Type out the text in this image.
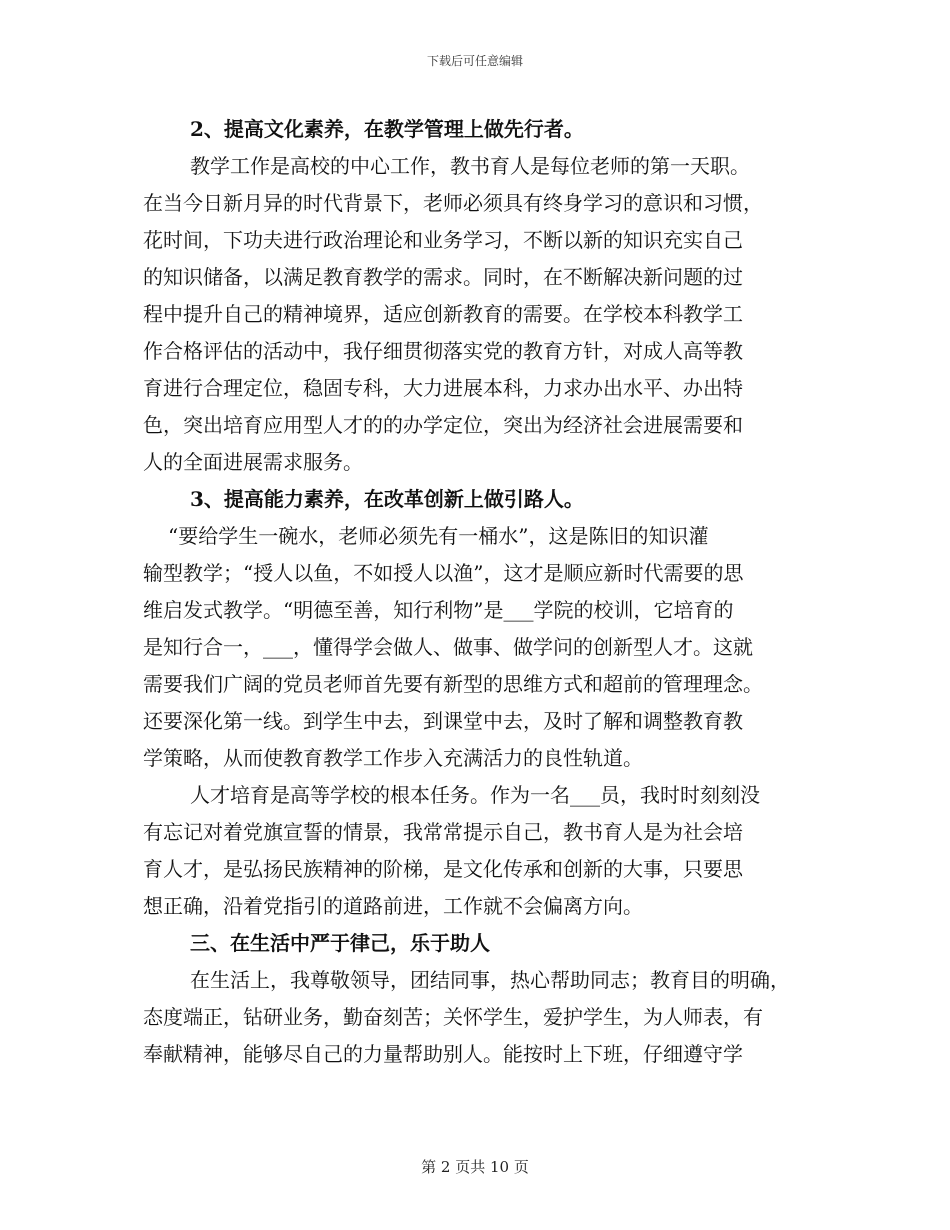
下载后可任意编辑
2、提高文化素养，在教学管理上做先行者。
教学工作是高校的中心工作，教书育人是每位老师的第一天职。
在当今日新月异的时代背景下，老师必须具有终身学习的意识和习惯，
花时间，下功夫进行政治理论和业务学习，不断以新的知识充实自己
的知识储备，以满足教育教学的需求。同时，在不断解决新问题的过
程中提升自己的精神境界，适应创新教育的需要。在学校本科教学工
作合格评估的活动中，我仔细贯彻落实党的教育方针，对成人高等教
育进行合理定位，稳固专科，大力进展本科，力求办出水平、办出特
色，突出培育应用型人才的的办学定位，突出为经济社会进展需要和
人的全面进展需求服务。
3、提高能力素养，在改革创新上做引路人。
“要给学生一碗水，老师必须先有一桶水”，这是陈旧的知识灌
输型教学；“授人以鱼，不如授人以渔”，这才是顺应新时代需要的思
维启发式教学。“明德至善，知行利物”是___学院的校训，它培育的
是知行合一，___，懂得学会做人、做事、做学问的创新型人才。这就
需要我们广阔的党员老师首先要有新型的思维方式和超前的管理理念。
还要深化第一线。到学生中去，到课堂中去，及时了解和调整教育教
学策略，从而使教育教学工作步入充满活力的良性轨道。
人才培育是高等学校的根本任务。作为一名___员，我时时刻刻没
有忘记对着党旗宣誓的情景，我常常提示自己，教书育人是为社会培
育人才，是弘扬民族精神的阶梯，是文化传承和创新的大事，只要思
想正确，沿着党指引的道路前进，工作就不会偏离方向。
三、在生活中严于律己，乐于助人
在生活上，我尊敬领导，团结同事，热心帮助同志；教育目的明确，
态度端正，钻研业务，勤奋刻苦；关怀学生，爱护学生，为人师表，有
奉献精神，能够尽自己的力量帮助别人。能按时上下班，仔细遵守学
第 2 页共 10 页
